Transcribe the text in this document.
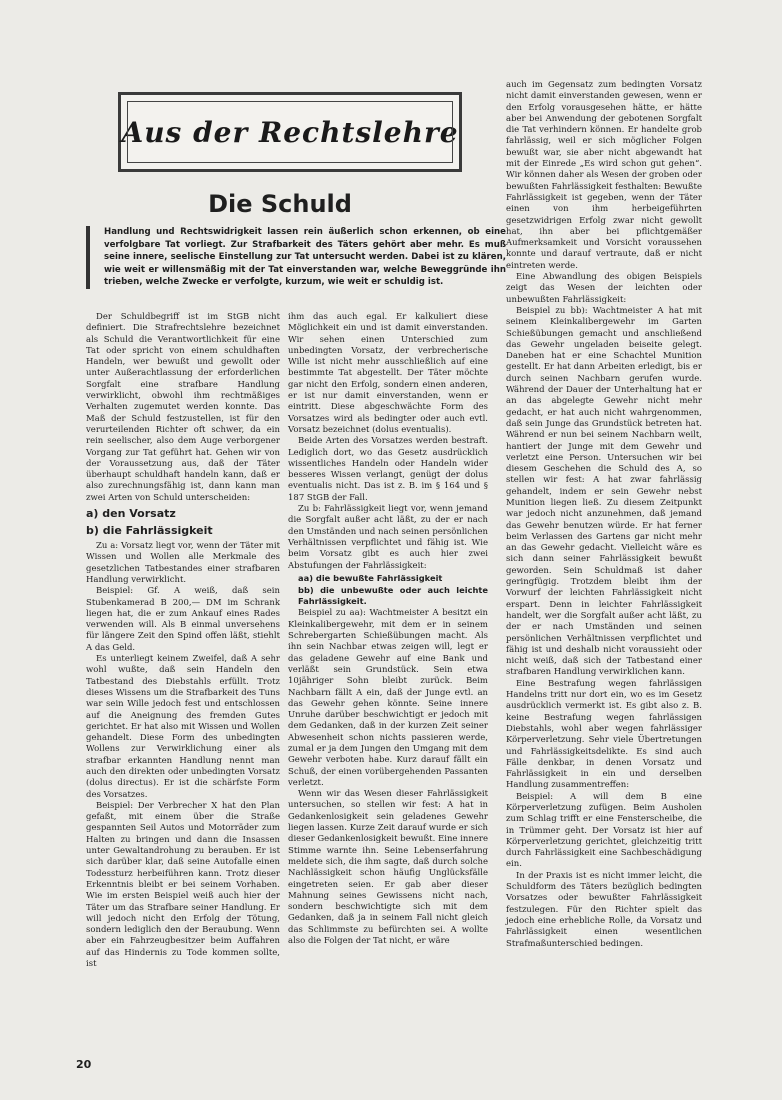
Aus der Rechtslehre
Die Schuld
Handlung und Rechtswidrigkeit lassen rein äußerlich schon erkennen, ob eine verfolgbare Tat vorliegt. Zur Strafbarkeit des Täters gehört aber mehr. Es muß seine innere, seelische Einstellung zur Tat untersucht werden. Dabei ist zu klären, wie weit er willensmäßig mit der Tat einverstanden war, welche Beweggründe ihn trieben, welche Zwecke er verfolgte, kurzum, wie weit er schuldig ist.

Der Schuldbegriff ist im StGB nicht definiert. Die Strafrechtslehre bezeichnet als Schuld die Verantwortlichkeit für eine Tat oder spricht von einem schuldhaften Handeln, wer bewußt und gewollt oder unter Außerachtlassung der erforderlichen Sorgfalt eine strafbare Handlung verwirklicht, obwohl ihm rechtmäßiges Verhalten zugemutet werden konnte. Das Maß der Schuld festzustellen, ist für den verurteilenden Richter oft schwer, da ein rein seelischer, also dem Auge verborgener Vorgang zur Tat geführt hat. Gehen wir von der Voraussetzung aus, daß der Täter überhaupt schuldhaft handeln kann, daß er also zurechnungsfähig ist, dann kann man zwei Arten von Schuld unterscheiden:

a) den Vorsatz
b) die Fahrlässigkeit

Zu a: Vorsatz liegt vor, wenn der Täter mit Wissen und Wollen alle Merkmale des gesetzlichen Tatbestandes einer strafbaren Handlung verwirklicht.

Beispiel: Gf. A weiß, daß sein Stubenkamerad B 200,— DM im Schrank liegen hat, die er zum Ankauf eines Rades verwenden will. Als B einmal unversehens für längere Zeit den Spind offen läßt, stiehlt A das Geld.

Es unterliegt keinem Zweifel, daß A sehr wohl wußte, daß sein Handeln den Tatbestand des Diebstahls erfüllt. Trotz dieses Wissens um die Strafbarkeit des Tuns war sein Wille jedoch fest und entschlossen auf die Aneignung des fremden Gutes gerichtet. Er hat also mit Wissen und Wollen gehandelt. Diese Form des unbedingten Wollens zur Verwirklichung einer als strafbar erkannten Handlung nennt man auch den direkten oder unbedingten Vorsatz (dolus directus). Er ist die schärfste Form des Vorsatzes.

Beispiel: Der Verbrecher X hat den Plan gefaßt, mit einem über die Straße gespannten Seil Autos und Motorräder zum Halten zu bringen und dann die Insassen unter Gewaltandrohung zu berauben. Er ist sich darüber klar, daß seine Autofalle einen Todessturz herbeiführen kann. Trotz dieser Erkenntnis bleibt er bei seinem Vorhaben. Wie im ersten Beispiel weiß auch hier der Täter um das Strafbare seiner Handlung. Er will jedoch nicht den Erfolg der Tötung, sondern lediglich den der Beraubung. Wenn aber ein Fahrzeugbesitzer beim Auffahren auf das Hindernis zu Tode kommen sollte, ist

ihm das auch egal. Er kalkuliert diese Möglichkeit ein und ist damit einverstanden. Wir sehen einen Unterschied zum unbedingten Vorsatz, der verbrecherische Wille ist nicht mehr ausschließlich auf eine bestimmte Tat abgestellt. Der Täter möchte gar nicht den Erfolg, sondern einen anderen, er ist nur damit einverstanden, wenn er eintritt. Diese abgeschwächte Form des Vorsatzes wird als bedingter oder auch evtl. Vorsatz bezeichnet (dolus eventualis).

Beide Arten des Vorsatzes werden bestraft. Lediglich dort, wo das Gesetz ausdrücklich wissentliches Handeln oder Handeln wider besseres Wissen verlangt, genügt der dolus eventualis nicht. Das ist z. B. im § 164 und § 187 StGB der Fall.

Zu b: Fahrlässigkeit liegt vor, wenn jemand die Sorgfalt außer acht läßt, zu der er nach den Umständen und nach seinen persönlichen Verhältnissen verpflichtet und fähig ist. Wie beim Vorsatz gibt es auch hier zwei Abstufungen der Fahrlässigkeit:

aa) die bewußte Fahrlässigkeit
bb) die unbewußte oder auch leichte Fahrlässigkeit.

Beispiel zu aa): Wachtmeister A besitzt ein Kleinkalibergewehr, mit dem er in seinem Schrebergarten Schießübungen macht. Als ihn sein Nachbar etwas zeigen will, legt er das geladene Gewehr auf eine Bank und verläßt sein Grundstück. Sein etwa 10jähriger Sohn bleibt zurück. Beim Nachbarn fällt A ein, daß der Junge evtl. an das Gewehr gehen könnte. Seine innere Unruhe darüber beschwichtigt er jedoch mit dem Gedanken, daß in der kurzen Zeit seiner Abwesenheit schon nichts passieren werde, zumal er ja dem Jungen den Umgang mit dem Gewehr verboten habe. Kurz darauf fällt ein Schuß, der einen vorübergehenden Passanten verletzt.

Wenn wir das Wesen dieser Fahrlässigkeit untersuchen, so stellen wir fest: A hat in Gedankenlosigkeit sein geladenes Gewehr liegen lassen. Kurze Zeit darauf wurde er sich dieser Gedankenlosigkeit bewußt. Eine innere Stimme warnte ihn. Seine Lebenserfahrung meldete sich, die ihm sagte, daß durch solche Nachlässigkeit schon häufig Unglücksfälle eingetreten seien. Er gab aber dieser Mahnung seines Gewissens nicht nach, sondern beschwichtigte sich mit dem Gedanken, daß ja in seinem Fall nicht gleich das Schlimmste zu befürchten sei. A wollte also die Folgen der Tat nicht, er wäre

auch im Gegensatz zum bedingten Vorsatz nicht damit einverstanden gewesen, wenn er den Erfolg vorausgesehen hätte, er hätte aber bei Anwendung der gebotenen Sorgfalt die Tat verhindern können. Er handelte grob fahrlässig, weil er sich möglicher Folgen bewußt war, sie aber nicht abgewandt hat mit der Einrede „Es wird schon gut gehen“. Wir können daher als Wesen der groben oder bewußten Fahrlässigkeit festhalten: Bewußte Fahrlässigkeit ist gegeben, wenn der Täter einen von ihm herbeigeführten gesetzwidrigen Erfolg zwar nicht gewollt hat, ihn aber bei pflichtgemäßer Aufmerksamkeit und Vorsicht voraussehen konnte und darauf vertraute, daß er nicht eintreten werde.

Eine Abwandlung des obigen Beispiels zeigt das Wesen der leichten oder unbewußten Fahrlässigkeit:

Beispiel zu bb): Wachtmeister A hat mit seinem Kleinkalibergewehr im Garten Schießübungen gemacht und anschließend das Gewehr ungeladen beiseite gelegt. Daneben hat er eine Schachtel Munition gestellt. Er hat dann Arbeiten erledigt, bis er durch seinen Nachbarn gerufen wurde. Während der Dauer der Unterhaltung hat er an das abgelegte Gewehr nicht mehr gedacht, er hat auch nicht wahrgenommen, daß sein Junge das Grundstück betreten hat. Während er nun bei seinem Nachbarn weilt, hantiert der Junge mit dem Gewehr und verletzt eine Person. Untersuchen wir bei diesem Geschehen die Schuld des A, so stellen wir fest: A hat zwar fahrlässig gehandelt, indem er sein Gewehr nebst Munition liegen ließ. Zu diesem Zeitpunkt war jedoch nicht anzunehmen, daß jemand das Gewehr benutzen würde. Er hat ferner beim Verlassen des Gartens gar nicht mehr an das Gewehr gedacht. Vielleicht wäre es sich dann seiner Fahrlässigkeit bewußt geworden. Sein Schuldmaß ist daher geringfügig. Trotzdem bleibt ihm der Vorwurf der leichten Fahrlässigkeit nicht erspart. Denn in leichter Fahrlässigkeit handelt, wer die Sorgfalt außer acht läßt, zu der er nach Umständen und seinen persönlichen Verhältnissen verpflichtet und fähig ist und deshalb nicht voraussieht oder nicht weiß, daß sich der Tatbestand einer strafbaren Handlung verwirklichen kann.

Eine Bestrafung wegen fahrlässigen Handelns tritt nur dort ein, wo es im Gesetz ausdrücklich vermerkt ist. Es gibt also z. B. keine Bestrafung wegen fahrlässigen Diebstahls, wohl aber wegen fahrlässiger Körperverletzung. Sehr viele Übertretungen und Fahrlässigkeitsdelikte. Es sind auch Fälle denkbar, in denen Vorsatz und Fahrlässigkeit in ein und derselben Handlung zusammentreffen:

Beispiel: A will dem B eine Körperverletzung zufügen. Beim Ausholen zum Schlag trifft er eine Fensterscheibe, die in Trümmer geht. Der Vorsatz ist hier auf Körperverletzung gerichtet, gleichzeitig tritt durch Fahrlässigkeit eine Sachbeschädigung ein.

In der Praxis ist es nicht immer leicht, die Schuldform des Täters bezüglich bedingten Vorsatzes oder bewußter Fahrlässigkeit festzulegen. Für den Richter spielt das jedoch eine erhebliche Rolle, da Vorsatz und Fahrlässigkeit einen wesentlichen Strafmaßunterschied bedingen.

20
